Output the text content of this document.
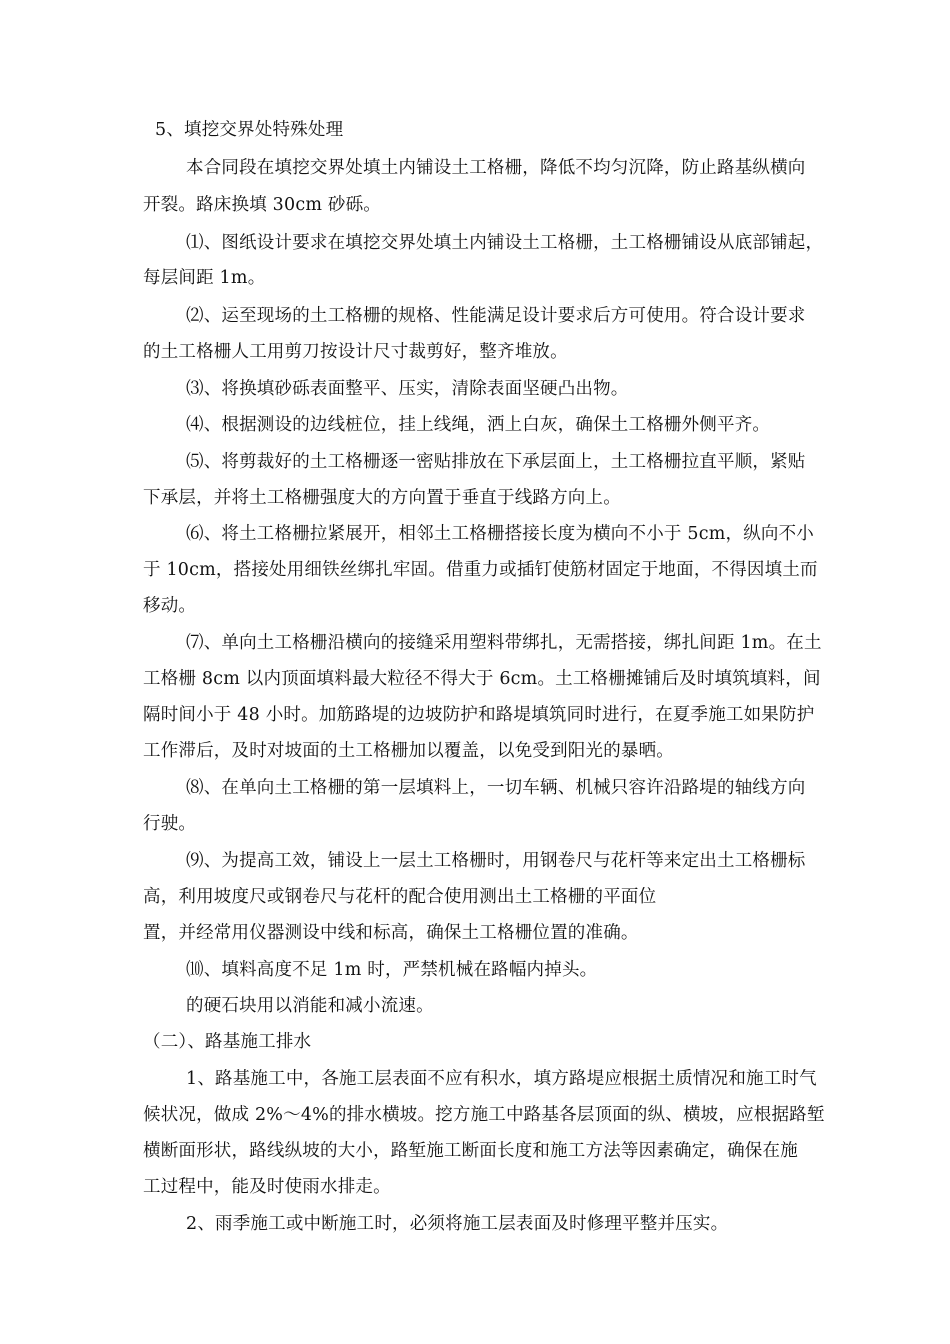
5、填挖交界处特殊处理
本合同段在填挖交界处填土内铺设土工格栅，降低不均匀沉降，防止路基纵横向
开裂。路床换填 30cm 砂砾。
⑴、图纸设计要求在填挖交界处填土内铺设土工格栅，土工格栅铺设从底部铺起，
每层间距 1m。
⑵、运至现场的土工格栅的规格、性能满足设计要求后方可使用。符合设计要求
的土工格栅人工用剪刀按设计尺寸裁剪好，整齐堆放。
⑶、将换填砂砾表面整平、压实，清除表面坚硬凸出物。
⑷、根据测设的边线桩位，挂上线绳，洒上白灰，确保土工格栅外侧平齐。
⑸、将剪裁好的土工格栅逐一密贴排放在下承层面上，土工格栅拉直平顺，紧贴
下承层，并将土工格栅强度大的方向置于垂直于线路方向上。
⑹、将土工格栅拉紧展开，相邻土工格栅搭接长度为横向不小于 5cm，纵向不小
于 10cm，搭接处用细铁丝绑扎牢固。借重力或插钉使筋材固定于地面，不得因填土而
移动。
⑺、单向土工格栅沿横向的接缝采用塑料带绑扎，无需搭接，绑扎间距 1m。在土
工格栅 8cm 以内顶面填料最大粒径不得大于 6cm。土工格栅摊铺后及时填筑填料，间
隔时间小于 48 小时。加筋路堤的边坡防护和路堤填筑同时进行，在夏季施工如果防护
工作滞后，及时对坡面的土工格栅加以覆盖，以免受到阳光的暴晒。
⑻、在单向土工格栅的第一层填料上，一切车辆、机械只容许沿路堤的轴线方向
行驶。
⑼、为提高工效，铺设上一层土工格栅时，用钢卷尺与花杆等来定出土工格栅标
高，利用坡度尺或钢卷尺与花杆的配合使用测出土工格栅的平面位
置，并经常用仪器测设中线和标高，确保土工格栅位置的准确。
⑽、填料高度不足 1m 时，严禁机械在路幅内掉头。
的硬石块用以消能和减小流速。
（二）、路基施工排水
1、路基施工中，各施工层表面不应有积水，填方路堤应根据土质情况和施工时气
候状况，做成 2%～4%的排水横坡。挖方施工中路基各层顶面的纵、横坡，应根据路堑
横断面形状，路线纵坡的大小，路堑施工断面长度和施工方法等因素确定，确保在施
工过程中，能及时使雨水排走。
2、雨季施工或中断施工时，必须将施工层表面及时修理平整并压实。
